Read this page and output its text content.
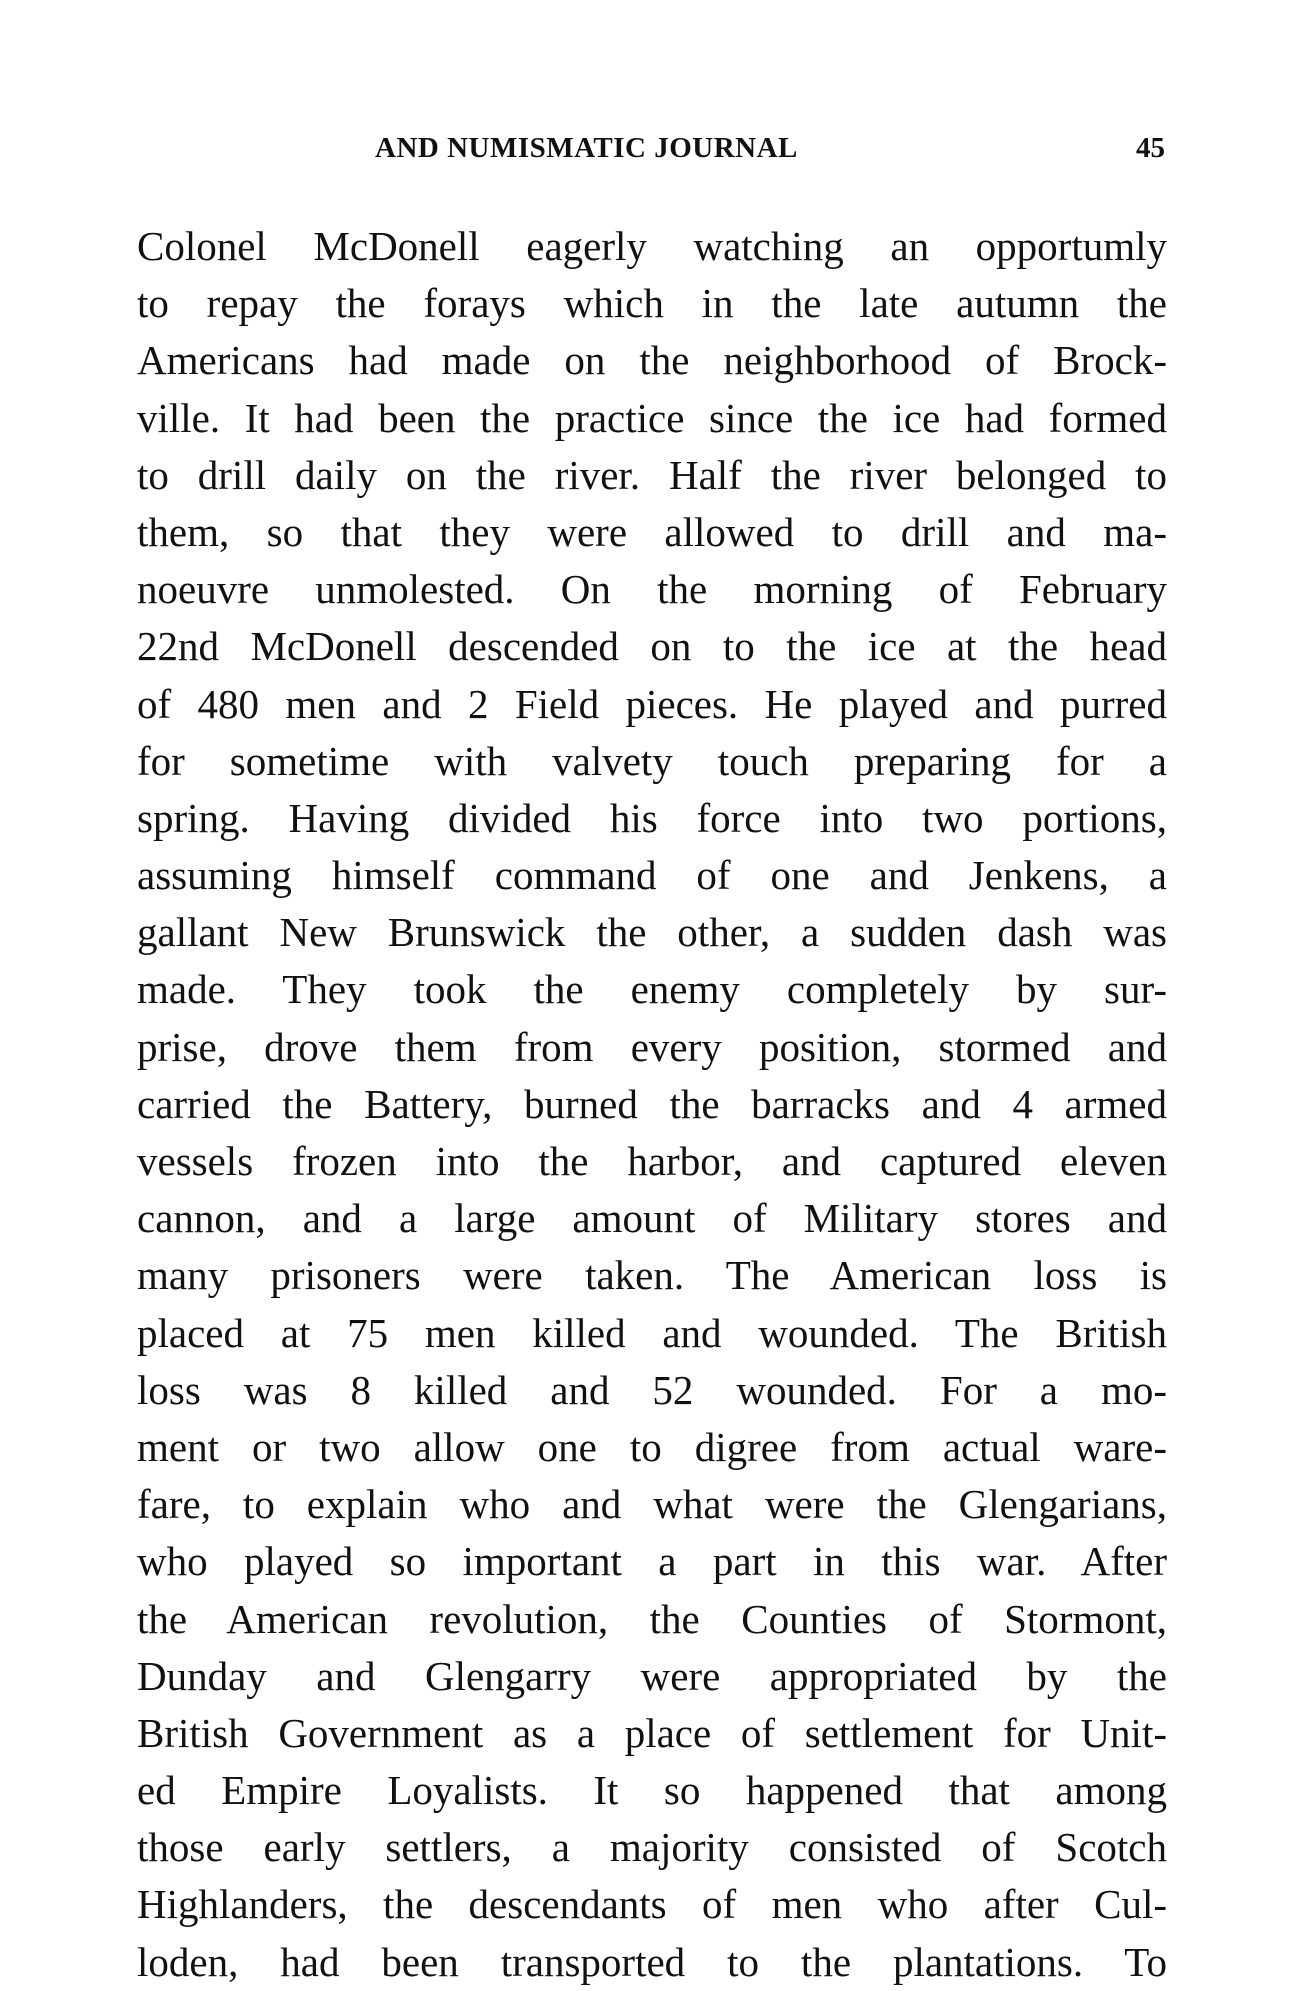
AND NUMISMATIC JOURNAL	45
Colonel McDonell eagerly watching an opportumly
to repay the forays which in the late autumn the
Americans had made on the neighborhood of Brock-
ville. It had been the practice since the ice had formed
to drill daily on the river. Half the river belonged to
them, so that they were allowed to drill and ma-
noeuvre unmolested. On the morning of February
22nd McDonell descended on to the ice at the head
of 480 men and 2 Field pieces. He played and purred
for sometime with valvety touch preparing for a
spring. Having divided his force into two portions,
assuming himself command of one and Jenkens, a
gallant New Brunswick the other, a sudden dash was
made. They took the enemy completely by sur-
prise, drove them from every position, stormed and
carried the Battery, burned the barracks and 4 armed
vessels frozen into the harbor, and captured eleven
cannon, and a large amount of Military stores and
many prisoners were taken. The American loss is
placed at 75 men killed and wounded. The British
loss was 8 killed and 52 wounded. For a mo-
ment or two allow one to digree from actual ware-
fare, to explain who and what were the Glengarians,
who played so important a part in this war. After
the American revolution, the Counties of Stormont,
Dunday and Glengarry were appropriated by the
British Government as a place of settlement for Unit-
ed Empire Loyalists. It so happened that among
those early settlers, a majority consisted of Scotch
Highlanders, the descendants of men who after Cul-
loden, had been transported to the plantations. To
